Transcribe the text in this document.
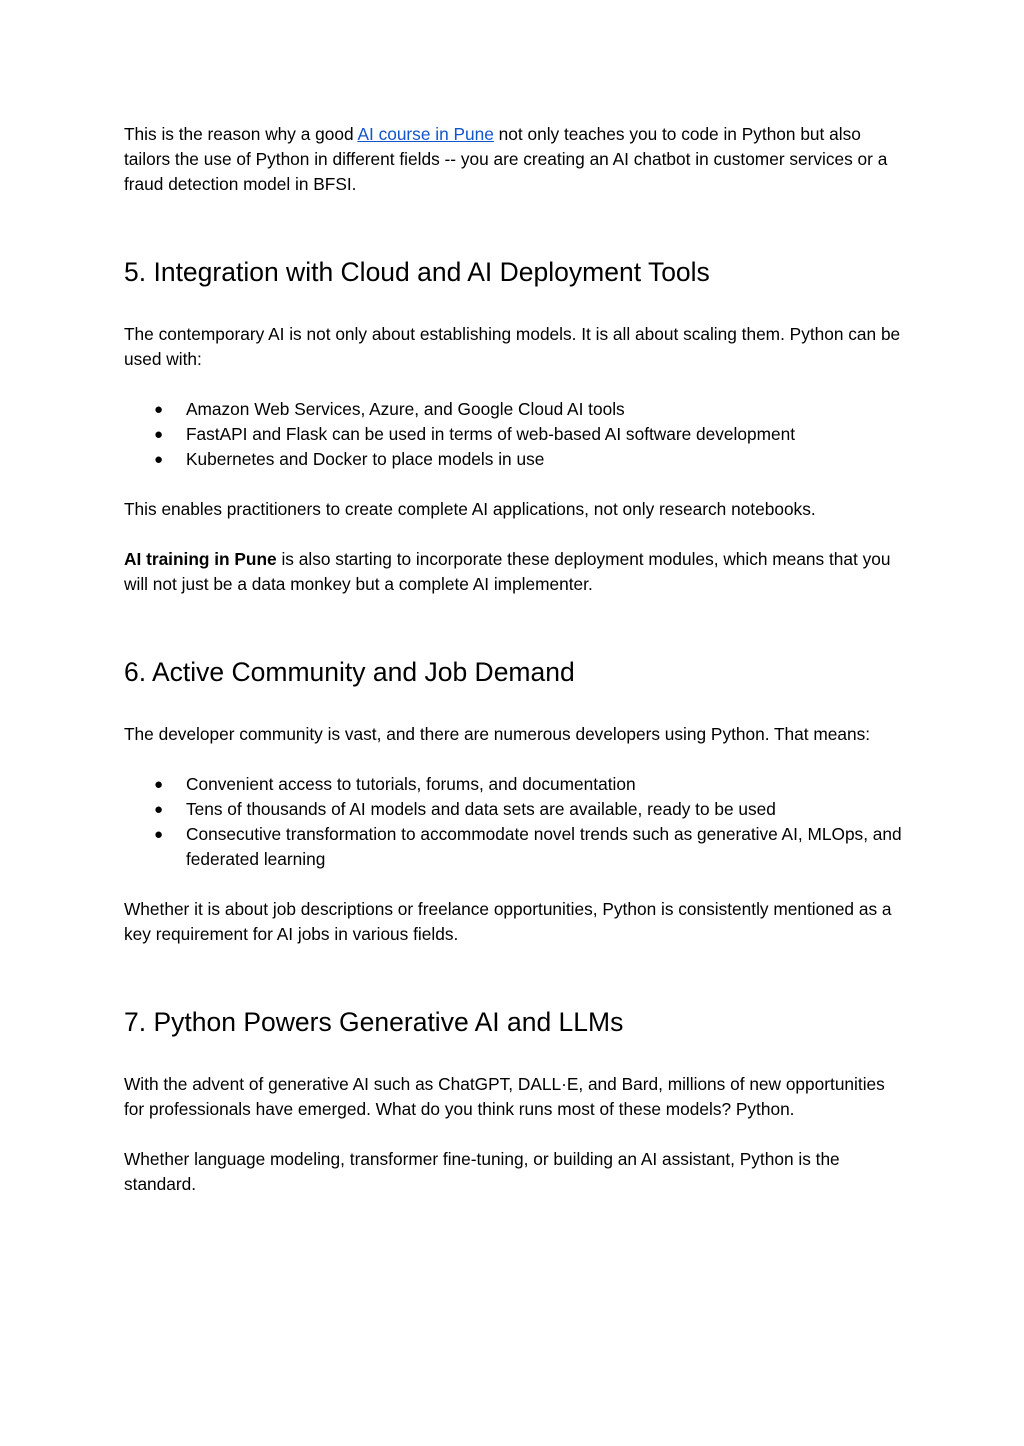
This is the reason why a good AI course in Pune not only teaches you to code in Python but also tailors the use of Python in different fields -- you are creating an AI chatbot in customer services or a fraud detection model in BFSI.

5. Integration with Cloud and AI Deployment Tools

The contemporary AI is not only about establishing models. It is all about scaling them. Python can be used with:

● Amazon Web Services, Azure, and Google Cloud AI tools
● FastAPI and Flask can be used in terms of web-based AI software development
● Kubernetes and Docker to place models in use

This enables practitioners to create complete AI applications, not only research notebooks.

AI training in Pune is also starting to incorporate these deployment modules, which means that you will not just be a data monkey but a complete AI implementer.

6. Active Community and Job Demand

The developer community is vast, and there are numerous developers using Python. That means:

● Convenient access to tutorials, forums, and documentation
● Tens of thousands of AI models and data sets are available, ready to be used
● Consecutive transformation to accommodate novel trends such as generative AI, MLOps, and federated learning

Whether it is about job descriptions or freelance opportunities, Python is consistently mentioned as a key requirement for AI jobs in various fields.

7. Python Powers Generative AI and LLMs

With the advent of generative AI such as ChatGPT, DALL·E, and Bard, millions of new opportunities for professionals have emerged. What do you think runs most of these models? Python.

Whether language modeling, transformer fine-tuning, or building an AI assistant, Python is the standard.
